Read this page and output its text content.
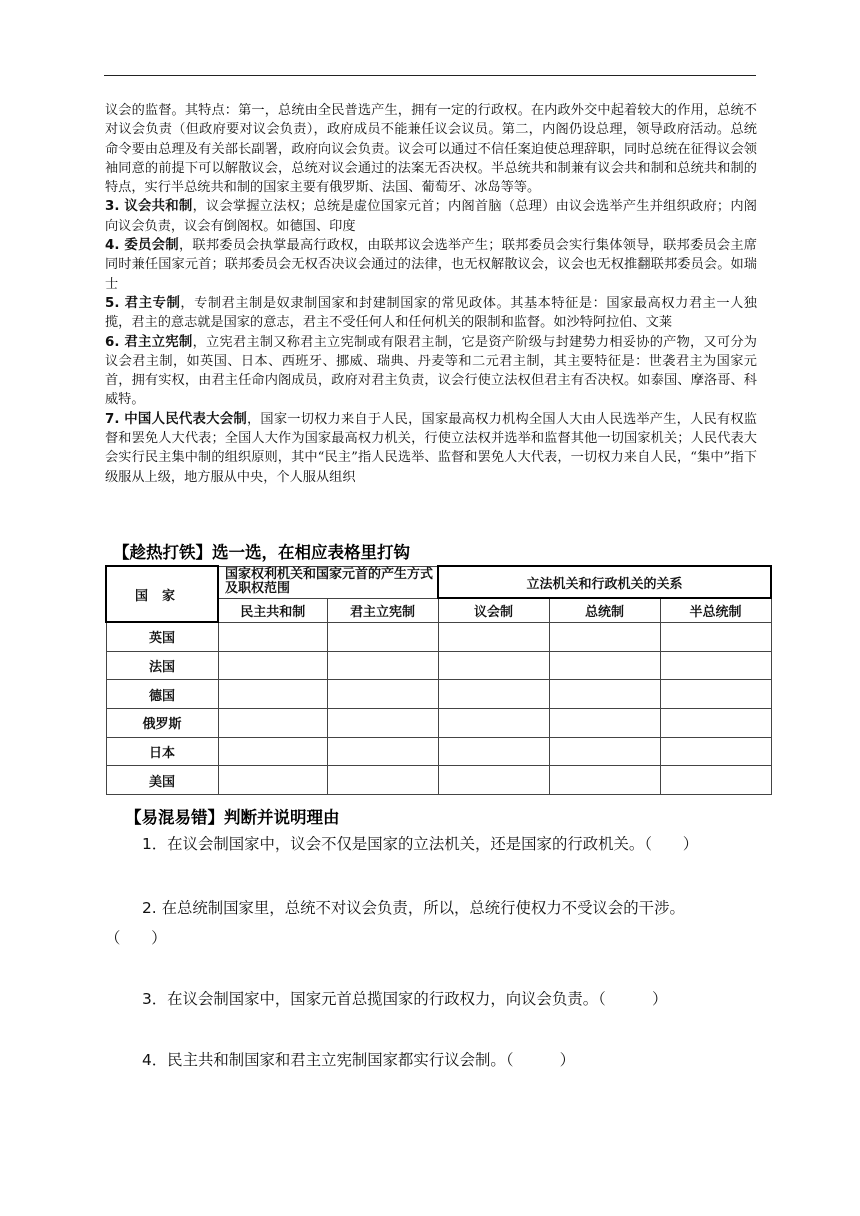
议会的监督。其特点：第一，总统由全民普选产生，拥有一定的行政权。在内政外交中起着较大的作用，总统不对议会负责（但政府要对议会负责），政府成员不能兼任议会议员。第二，内阁仍设总理，领导政府活动。总统命令要由总理及有关部长副署，政府向议会负责。议会可以通过不信任案迫使总理辞职，同时总统在征得议会领袖同意的前提下可以解散议会，总统对议会通过的法案无否决权。半总统共和制兼有议会共和制和总统共和制的特点，实行半总统共和制的国家主要有俄罗斯、法国、葡萄牙、冰岛等等。

3. 议会共和制，议会掌握立法权；总统是虚位国家元首；内阁首脑（总理）由议会选举产生并组织政府；内阁向议会负责，议会有倒阁权。如德国、印度

4. 委员会制，联邦委员会执掌最高行政权，由联邦议会选举产生；联邦委员会实行集体领导，联邦委员会主席同时兼任国家元首；联邦委员会无权否决议会通过的法律，也无权解散议会，议会也无权推翻联邦委员会。如瑞士

5. 君主专制，专制君主制是奴隶制国家和封建制国家的常见政体。其基本特征是：国家最高权力君主一人独揽，君主的意志就是国家的意志，君主不受任何人和任何机关的限制和监督。如沙特阿拉伯、文莱

6. 君主立宪制，立宪君主制又称君主立宪制或有限君主制，它是资产阶级与封建势力相妥协的产物，又可分为议会君主制，如英国、日本、西班牙、挪威、瑞典、丹麦等和二元君主制，其主要特征是：世袭君主为国家元首，拥有实权，由君主任命内阁成员，政府对君主负责，议会行使立法权但君主有否决权。如泰国、摩洛哥、科威特。

7. 中国人民代表大会制，国家一切权力来自于人民，国家最高权力机构全国人大由人民选举产生，人民有权监督和罢免人大代表；全国人大作为国家最高权力机关，行使立法权并选举和监督其他一切国家机关；人民代表大会实行民主集中制的组织原则，其中“民主”指人民选举、监督和罢免人大代表，一切权力来自人民，“集中”指下级服从上级，地方服从中央，个人服从组织

【趁热打铁】选一选，在相应表格里打钩
国家	国家权利机关和国家元首的产生方式及职权范围		立法机关和行政机关的关系		
	民主共和制	君主立宪制	议会制	总统制	半总统制
英国					
法国					
德国					
俄罗斯					
日本					
美国					
【易混易错】判断并说明理由
1．在议会制国家中，议会不仅是国家的立法机关，还是国家的行政机关。（　　）
2. 在总统制国家里，总统不对议会负责，所以，总统行使权力不受议会的干涉。
（　　）
3．在议会制国家中，国家元首总揽国家的行政权力，向议会负责。（　　　）
4．民主共和制国家和君主立宪制国家都实行议会制。（　　　）
